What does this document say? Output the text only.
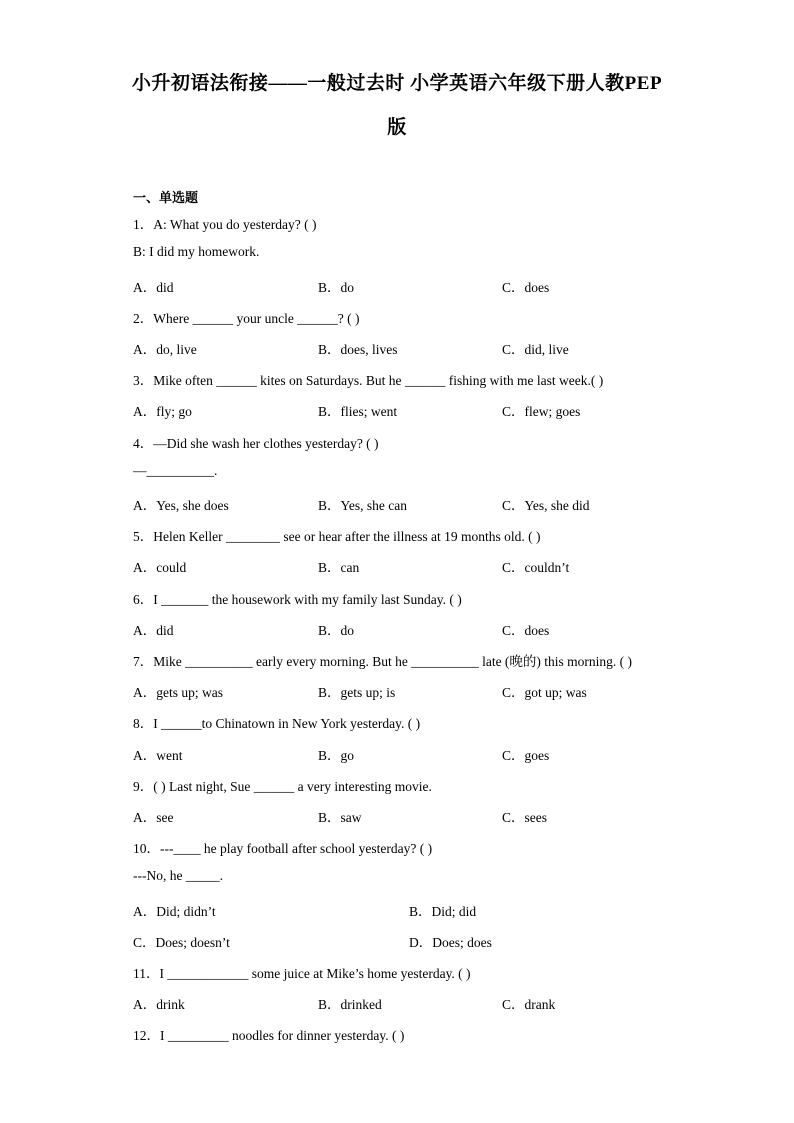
小升初语法衔接——一般过去时 小学英语六年级下册人教PEP
版
一、单选题
1．A: What you do yesterday? ( )
B: I did my homework.
A．did	B．do	C．does
2．Where ______ your uncle ______? ( )
A．do, live	B．does, lives	C．did, live
3．Mike often ______ kites on Saturdays. But he ______ fishing with me last week.( )
A．fly; go	B．flies; went	C．flew; goes
4．—Did she wash her clothes yesterday? ( )
—__________.
A．Yes, she does	B．Yes, she can	C．Yes, she did
5．Helen Keller ________ see or hear after the illness at 19 months old. ( )
A．could	B．can	C．couldn’t
6．I _______ the housework with my family last Sunday. ( )
A．did	B．do	C．does
7．Mike __________ early every morning. But he __________ late (晚的) this morning. ( )
A．gets up; was	B．gets up; is	C．got up; was
8．I ______to Chinatown in New York yesterday. ( )
A．went	B．go	C．goes
9．( ) Last night, Sue ______ a very interesting movie.
A．see	B．saw	C．sees
10．---____ he play football after school yesterday? ( )
---No, he _____.
A．Did; didn’t	B．Did; did
C．Does; doesn’t	D．Does; does
11．I ____________ some juice at Mike’s home yesterday. ( )
A．drink	B．drinked	C．drank
12．I _________ noodles for dinner yesterday. ( )
